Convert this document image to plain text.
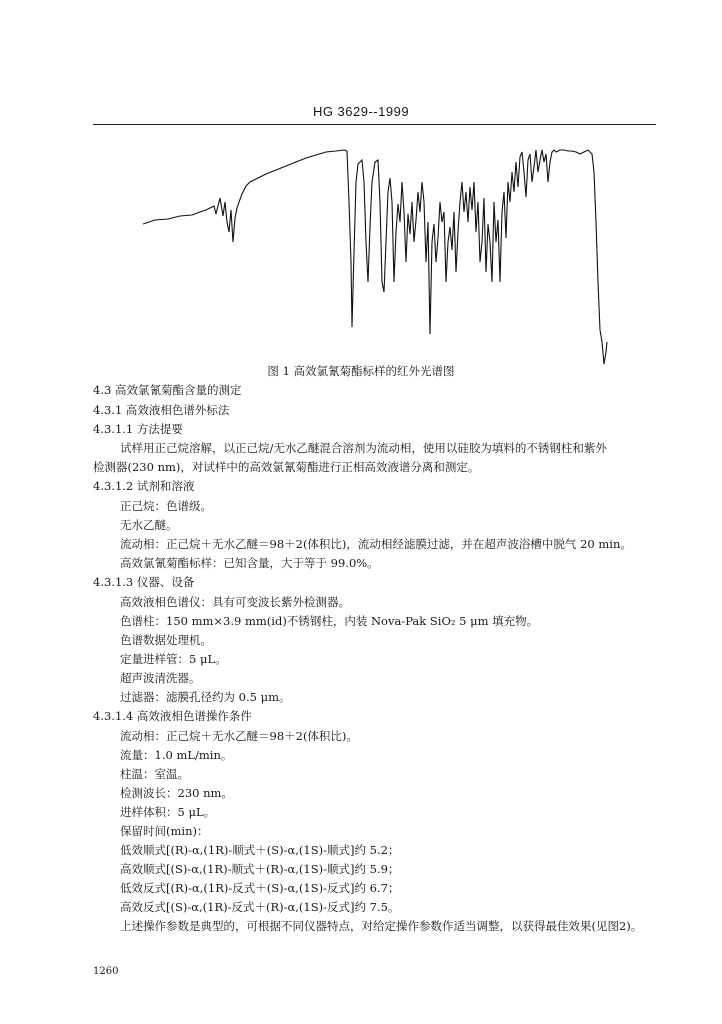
HG 3629--1999
图 1 高效氯氰菊酯标样的红外光谱图
4.3 高效氯氰菊酯含量的测定
4.3.1 高效液相色谱外标法
4.3.1.1 方法提要
试样用正己烷溶解，以正己烷/无水乙醚混合溶剂为流动相，使用以硅胶为填料的不锈钢柱和紫外
检测器(230 nm)，对试样中的高效氯氰菊酯进行正相高效液谱分离和测定。
4.3.1.2 试剂和溶液
正己烷：色谱级。
无水乙醚。
流动相：正己烷＋无水乙醚＝98＋2(体积比)，流动相经滤膜过滤，并在超声波浴槽中脱气 20 min。
高效氯氰菊酯标样：已知含量，大于等于 99.0%。
4.3.1.3 仪器、设备
高效液相色谱仪：具有可变波长紫外检测器。
色谱柱：150 mm×3.9 mm(id)不锈钢柱，内装 Nova-Pak SiO₂ 5 μm 填充物。
色谱数据处理机。
定量进样管：5 μL。
超声波清洗器。
过滤器：滤膜孔径约为 0.5 μm。
4.3.1.4 高效液相色谱操作条件
流动相：正己烷＋无水乙醚＝98＋2(体积比)。
流量：1.0 mL/min。
柱温：室温。
检测波长：230 nm。
进样体积：5 μL。
保留时间(min)：
低效顺式[(R)-α,(1R)-顺式＋(S)-α,(1S)-顺式]约 5.2；
高效顺式[(S)-α,(1R)-顺式＋(R)-α,(1S)-顺式]约 5.9；
低效反式[(R)-α,(1R)-反式＋(S)-α,(1S)-反式]约 6.7；
高效反式[(S)-α,(1R)-反式＋(R)-α,(1S)-反式]约 7.5。
上述操作参数是典型的，可根据不同仪器特点，对给定操作参数作适当调整，以获得最佳效果(见图2)。
1260
